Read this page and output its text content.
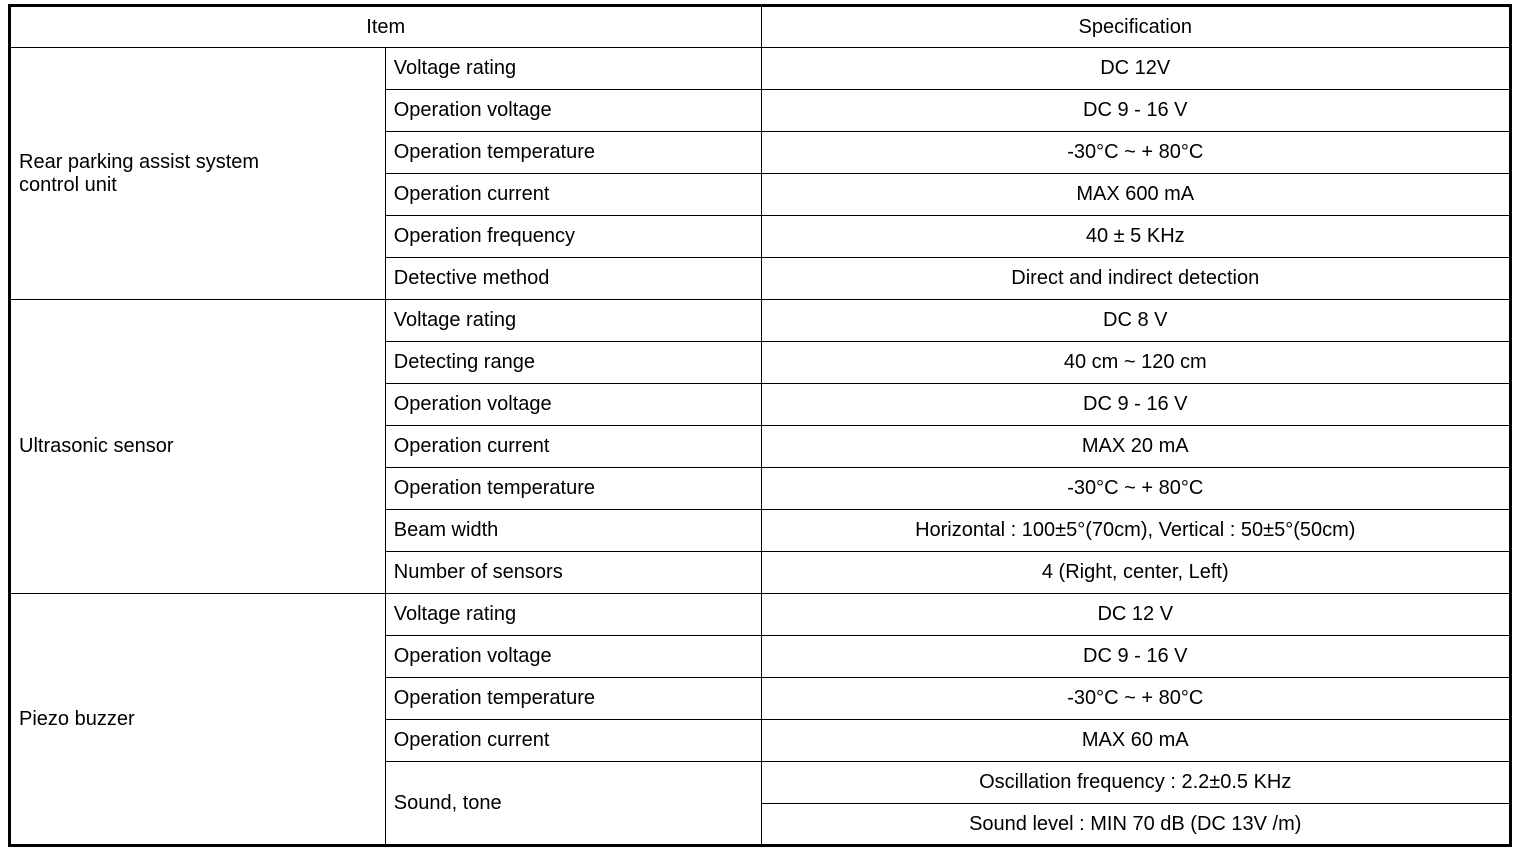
Item		Specification

Rear parking assist system
control unit	Voltage rating	DC 12V
	Operation voltage	DC 9 - 16 V
	Operation temperature	-30°C ~ + 80°C
	Operation current	MAX 600 mA
	Operation frequency	40 ± 5 KHz
	Detective method	Direct and indirect detection

Ultrasonic sensor	Voltage rating	DC 8 V
	Detecting range	40 cm ~ 120 cm
	Operation voltage	DC 9 - 16 V
	Operation current	MAX 20 mA
	Operation temperature	-30°C ~ + 80°C
	Beam width	Horizontal : 100±5°(70cm), Vertical : 50±5°(50cm)
	Number of sensors	4 (Right, center, Left)

Piezo buzzer	Voltage rating	DC 12 V
	Operation voltage	DC 9 - 16 V
	Operation temperature	-30°C ~ + 80°C
	Operation current	MAX 60 mA
	Sound, tone	Oscillation frequency : 2.2±0.5 KHz
		Sound level : MIN 70 dB (DC 13V /m)
